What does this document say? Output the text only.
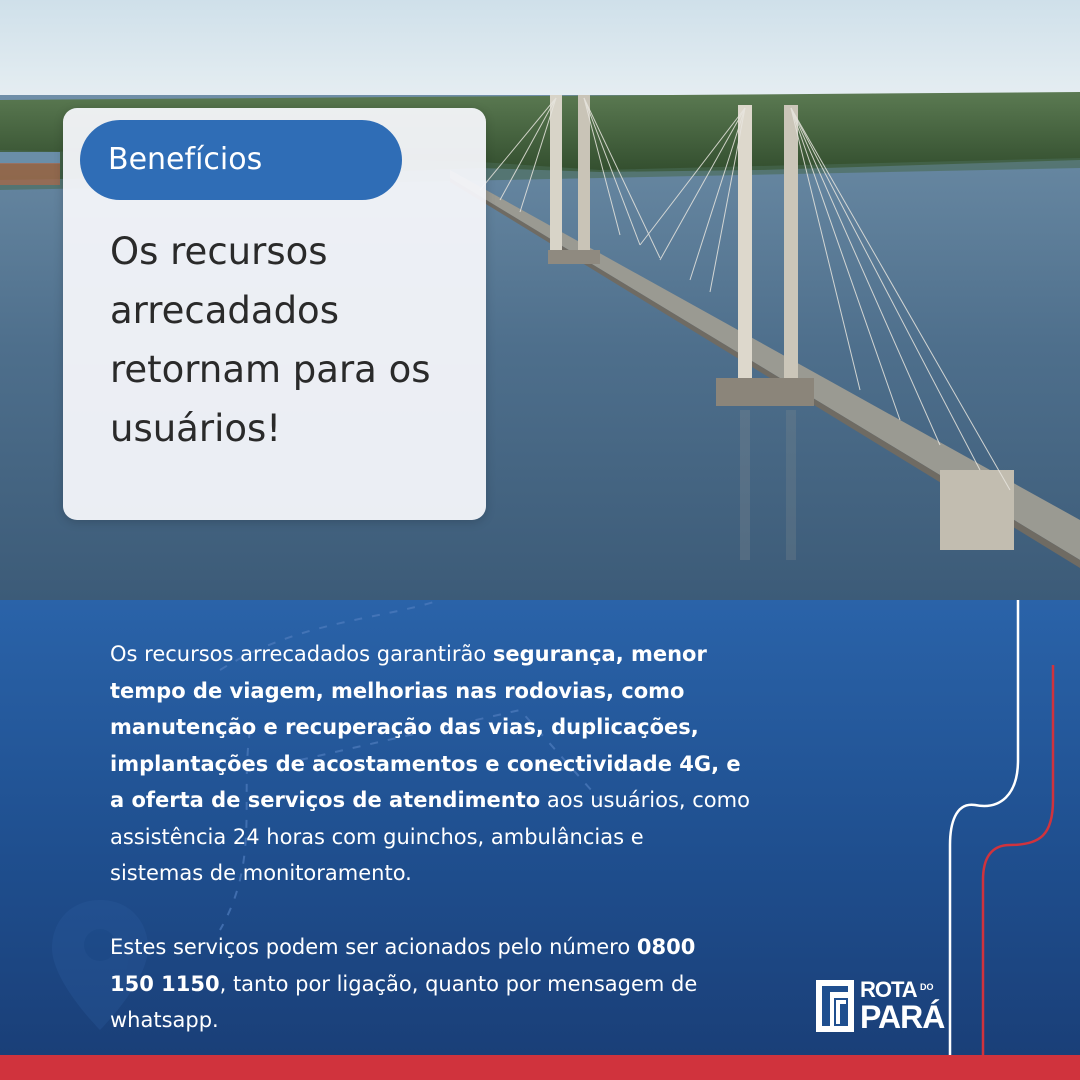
Benefícios
Os recursos
arrecadados
retornam para os
usuários!
Os recursos arrecadados garantirão segurança, menor
tempo de viagem, melhorias nas rodovias, como
manutenção e recuperação das vias, duplicações,
implantações de acostamentos e conectividade 4G, e
a oferta de serviços de atendimento aos usuários, como
assistência 24 horas com guinchos, ambulâncias e
sistemas de monitoramento.
Estes serviços podem ser acionados pelo número 0800
150 1150, tanto por ligação, quanto por mensagem de
whatsapp.
ROTA DO
PARÁ
